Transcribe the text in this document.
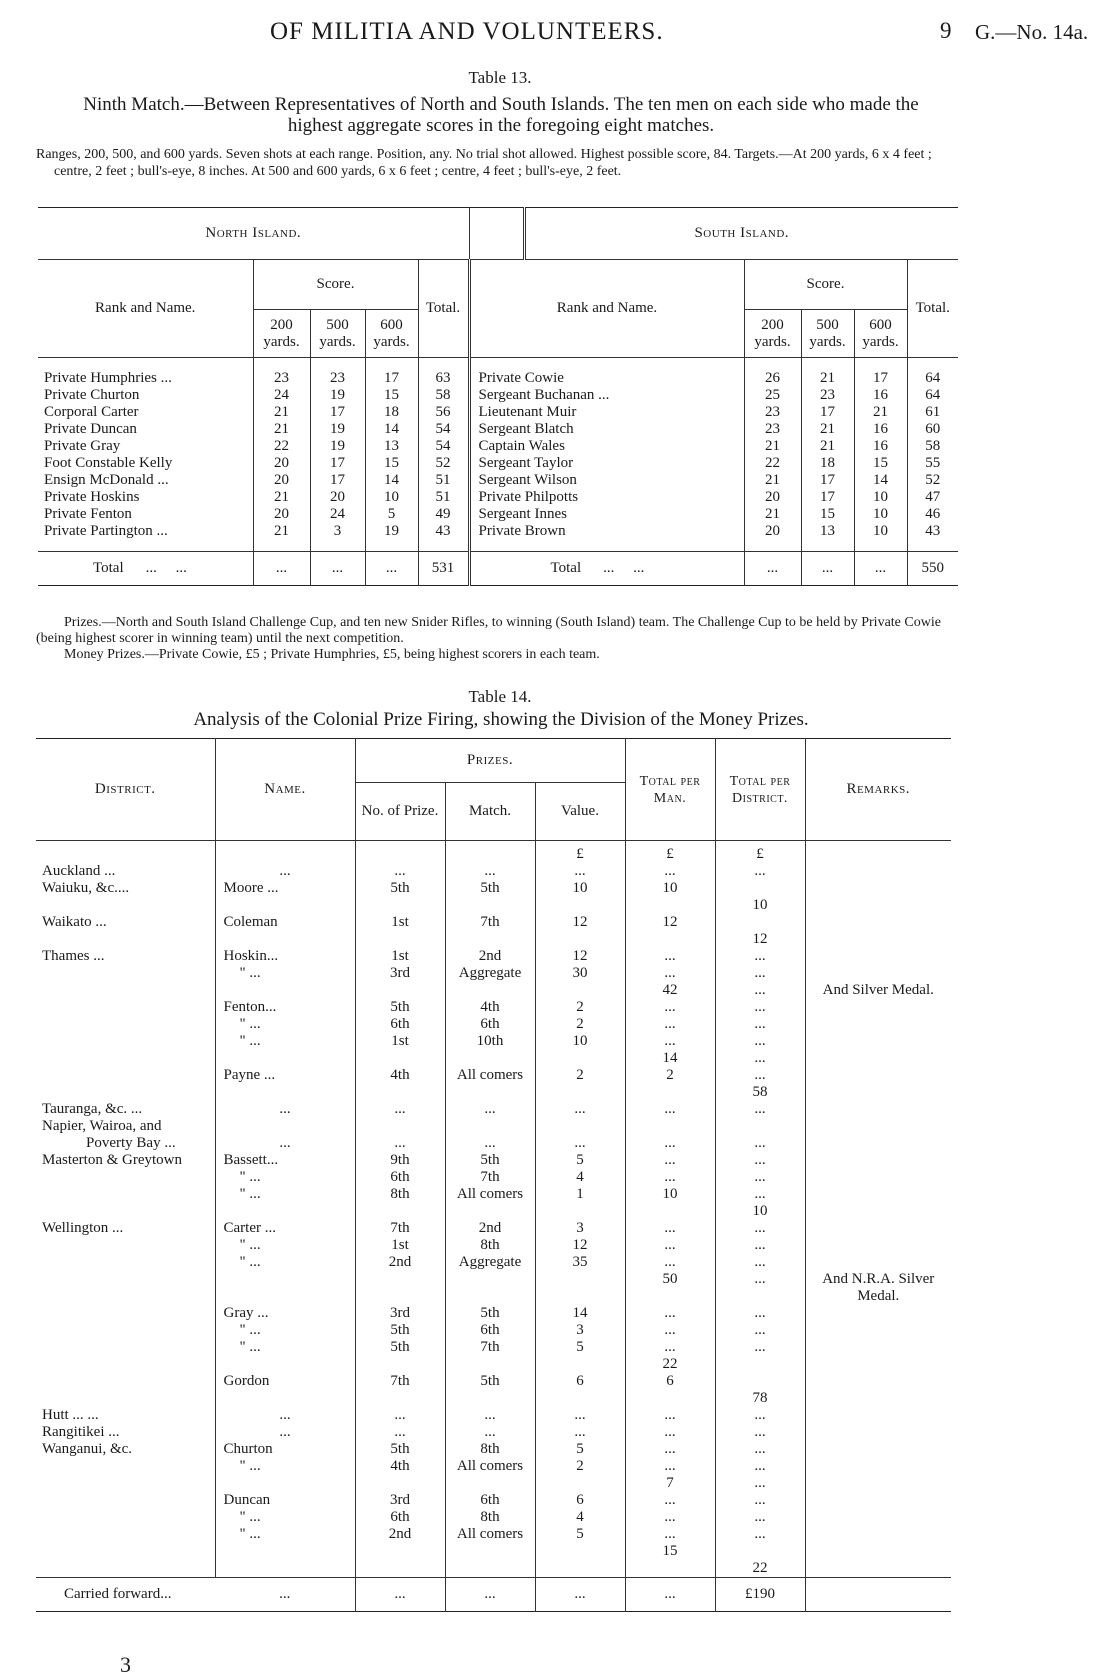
OF MILITIA AND VOLUNTEERS.	9 G.—No. 14a.
Table 13.
Ninth Match.—Between Representatives of North and South Islands. The ten men on each side who made the highest aggregate scores in the foregoing eight matches.

Ranges, 200, 500, and 600 yards. Seven shots at each range. Position, any. No trial shot allowed. Highest possible score, 84. Targets.—At 200 yards, 6 x 4 feet ; centre, 2 feet ; bull's-eye, 8 inches. At 500 and 600 yards, 6 x 6 feet ; centre, 4 feet ; bull's-eye, 2 feet.

North Island.						South Island.				
Rank and Name.	Score.			Total.	Rank and Name.		Score.			Total.
	200 yards.	500 yards.	600 yards.				200 yards.	500 yards.	600 yards.	

Private Humphries ...	23	23	17	63	Private Cowie		26	21	17	64
Private Churton	24	19	15	58	Sergeant Buchanan ...		25	23	16	64
Corporal Carter	21	17	18	56	Lieutenant Muir		23	17	21	61
Private Duncan	21	19	14	54	Sergeant Blatch		23	21	16	60
Private Gray	22	19	13	54	Captain Wales		21	21	16	58
Foot Constable Kelly	20	17	15	52	Sergeant Taylor		22	18	15	55
Ensign McDonald ...	20	17	14	51	Sergeant Wilson		21	17	14	52
Private Hoskins	21	20	10	51	Private Philpotts		20	17	10	47
Private Fenton	20	24	5	49	Sergeant Innes		21	15	10	46
Private Partington ...	21	3	19	43	Private Brown		20	13	10	43

Total ...     ...	...	...	...	531	Total ...     ...		...	...	...	550

Prizes.—North and South Island Challenge Cup, and ten new Snider Rifles, to winning (South Island) team. The Challenge Cup to be held by Private Cowie (being highest scorer in winning team) until the next competition.

Money Prizes.—Private Cowie, £5 ; Private Humphries, £5, being highest scorers in each team.

Table 14.
Analysis of the Colonial Prize Firing, showing the Division of the Money Prizes.
District.	Name.	Prizes.			Total per Man.	Total per District.	Remarks.
		No. of Prize.	Match.	Value.			
				£	£	£	
Auckland ...	...	...	...	...	...	...	
Waiuku, &c....	Moore ...	5th	5th	10	10		
						10	
Waikato ...	Coleman	1st	7th	12	12		
						12	
Thames ...	Hoskin...	1st	2nd	12	...	...	
	" ...	3rd	Aggregate	30	...	...	
					42	...	And Silver Medal.
	Fenton...	5th	4th	2	...	...	
	" ...	6th	6th	2	...	...	
	" ...	1st	10th	10	...	...	
					14	...	
	Payne ...	4th	All comers	2	2	...	
						58	
Tauranga, &c. ...	...	...	...	...	...	...	
Napier, Wairoa, and							
Poverty Bay ...	...	...	...	...	...	...	
Masterton & Greytown	Bassett...	9th	5th	5	...	...	
	" ...	6th	7th	4	...	...	
	" ...	8th	All comers	1	10	...	
						10	
Wellington ...	Carter ...	7th	2nd	3	...	...	
	" ...	1st	8th	12	...	...	
	" ...	2nd	Aggregate	35	...	...	
					50	...	And N.R.A. Silver Medal.
	Gray ...	3rd	5th	14	...	...	
	" ...	5th	6th	3	...	...	
	" ...	5th	7th	5	...	...	
					22		
	Gordon	7th	5th	6	6		
						78	
Hutt ... ...	...	...	...	...	...	...	
Rangitikei ...	...	...	...	...	...	...	
Wanganui, &c.	Churton	5th	8th	5	...	...	
	" ...	4th	All comers	2	...	...	
					7	...	
	Duncan	3rd	6th	6	...	...	
	" ...	6th	8th	4	...	...	
	" ...	2nd	All comers	5	...	...	
					15		
						22	
Carried forward...	...	...	...	...	...	£190	
3
